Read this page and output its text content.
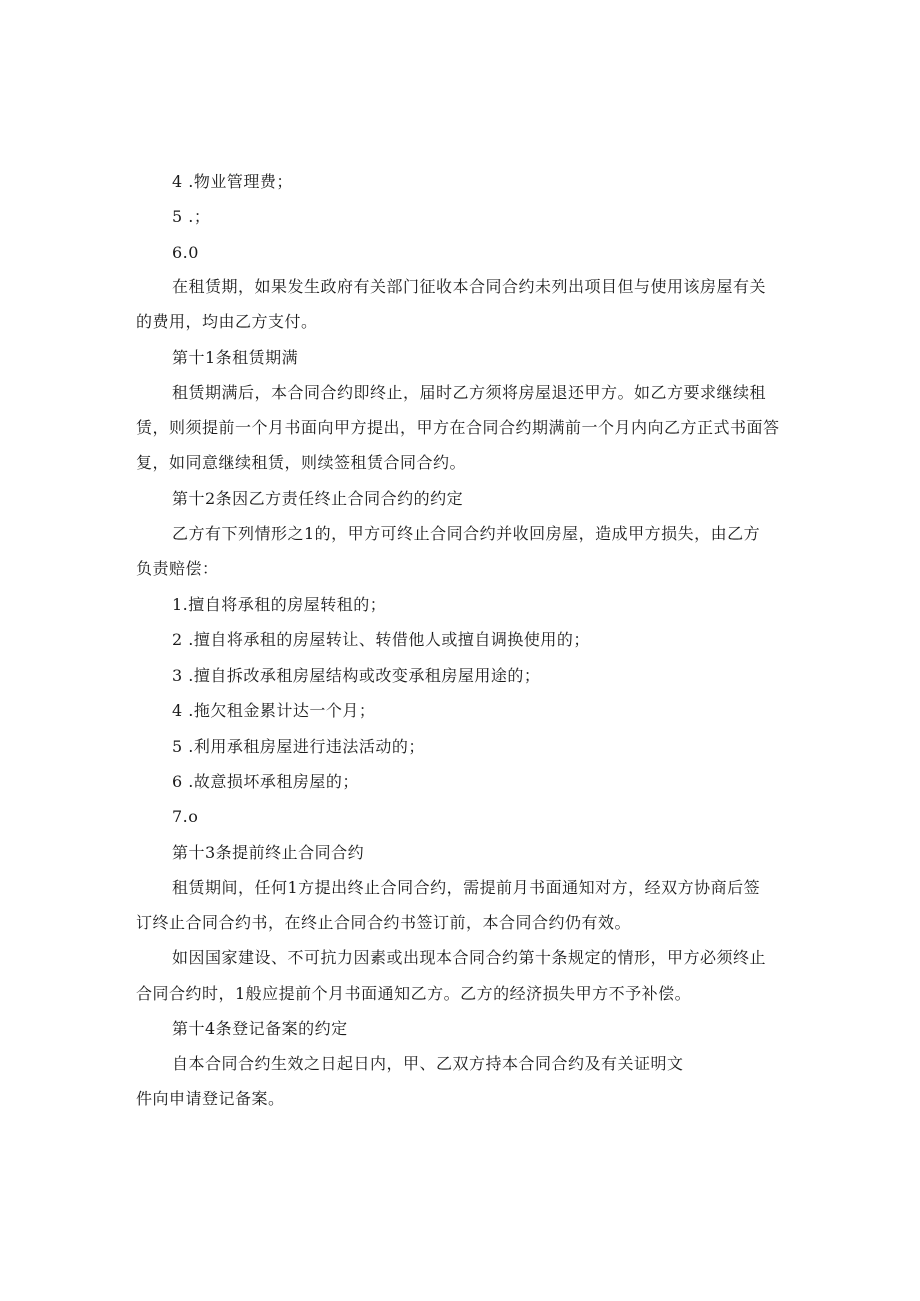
4 .物业管理费；
5 .；
6.0
在租赁期，如果发生政府有关部门征收本合同合约未列出项目但与使用该房屋有关
的费用，均由乙方支付。
第十1条租赁期满
租赁期满后，本合同合约即终止，届时乙方须将房屋退还甲方。如乙方要求继续租
赁，则须提前一个月书面向甲方提出，甲方在合同合约期满前一个月内向乙方正式书面答
复，如同意继续租赁，则续签租赁合同合约。
第十2条因乙方责任终止合同合约的约定
乙方有下列情形之1的，甲方可终止合同合约并收回房屋，造成甲方损失，由乙方
负责赔偿：
1.擅自将承租的房屋转租的；
2 .擅自将承租的房屋转让、转借他人或擅自调换使用的；
3 .擅自拆改承租房屋结构或改变承租房屋用途的；
4 .拖欠租金累计达一个月；
5 .利用承租房屋进行违法活动的；
6 .故意损坏承租房屋的；
7.o
第十3条提前终止合同合约
租赁期间，任何1方提出终止合同合约，需提前月书面通知对方，经双方协商后签
订终止合同合约书，在终止合同合约书签订前，本合同合约仍有效。
如因国家建设、不可抗力因素或出现本合同合约第十条规定的情形，甲方必须终止
合同合约时，1般应提前个月书面通知乙方。乙方的经济损失甲方不予补偿。
第十4条登记备案的约定
自本合同合约生效之日起日内，甲、乙双方持本合同合约及有关证明文
件向申请登记备案。
